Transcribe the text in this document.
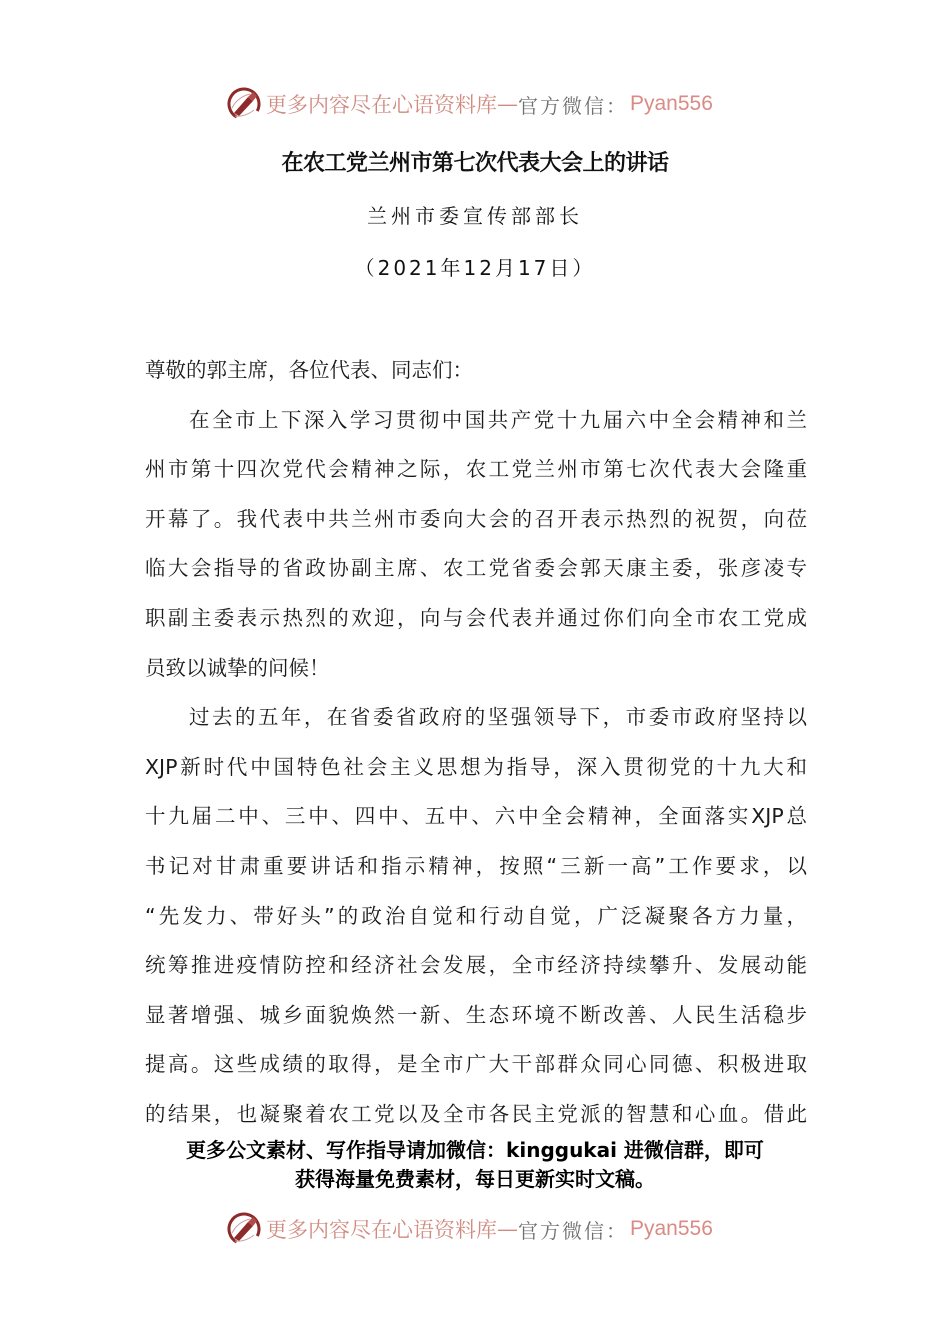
更多内容尽在心语资料库 — 官方微信： Pyan556
在农工党兰州市第七次代表大会上的讲话
兰州市委宣传部部长
（2021年12月17日）
尊敬的郭主席，各位代表、同志们：
在全市上下深入学习贯彻中国共产党十九届六中全会精神和兰
州市第十四次党代会精神之际，农工党兰州市第七次代表大会隆重
开幕了。我代表中共兰州市委向大会的召开表示热烈的祝贺，向莅
临大会指导的省政协副主席、农工党省委会郭天康主委，张彦凌专
职副主委表示热烈的欢迎，向与会代表并通过你们向全市农工党成
员致以诚挚的问候！
过去的五年，在省委省政府的坚强领导下，市委市政府坚持以
XJP新时代中国特色社会主义思想为指导，深入贯彻党的十九大和
十九届二中、三中、四中、五中、六中全会精神，全面落实XJP总
书记对甘肃重要讲话和指示精神，按照“三新一高”工作要求，以
“先发力、带好头”的政治自觉和行动自觉，广泛凝聚各方力量，
统筹推进疫情防控和经济社会发展，全市经济持续攀升、发展动能
显著增强、城乡面貌焕然一新、生态环境不断改善、人民生活稳步
提高。这些成绩的取得，是全市广大干部群众同心同德、积极进取
的结果，也凝聚着农工党以及全市各民主党派的智慧和心血。借此
更多公文素材、写作指导请加微信：kinggukai 进微信群，即可
获得海量免费素材，每日更新实时文稿。
更多内容尽在心语资料库 — 官方微信： Pyan556
